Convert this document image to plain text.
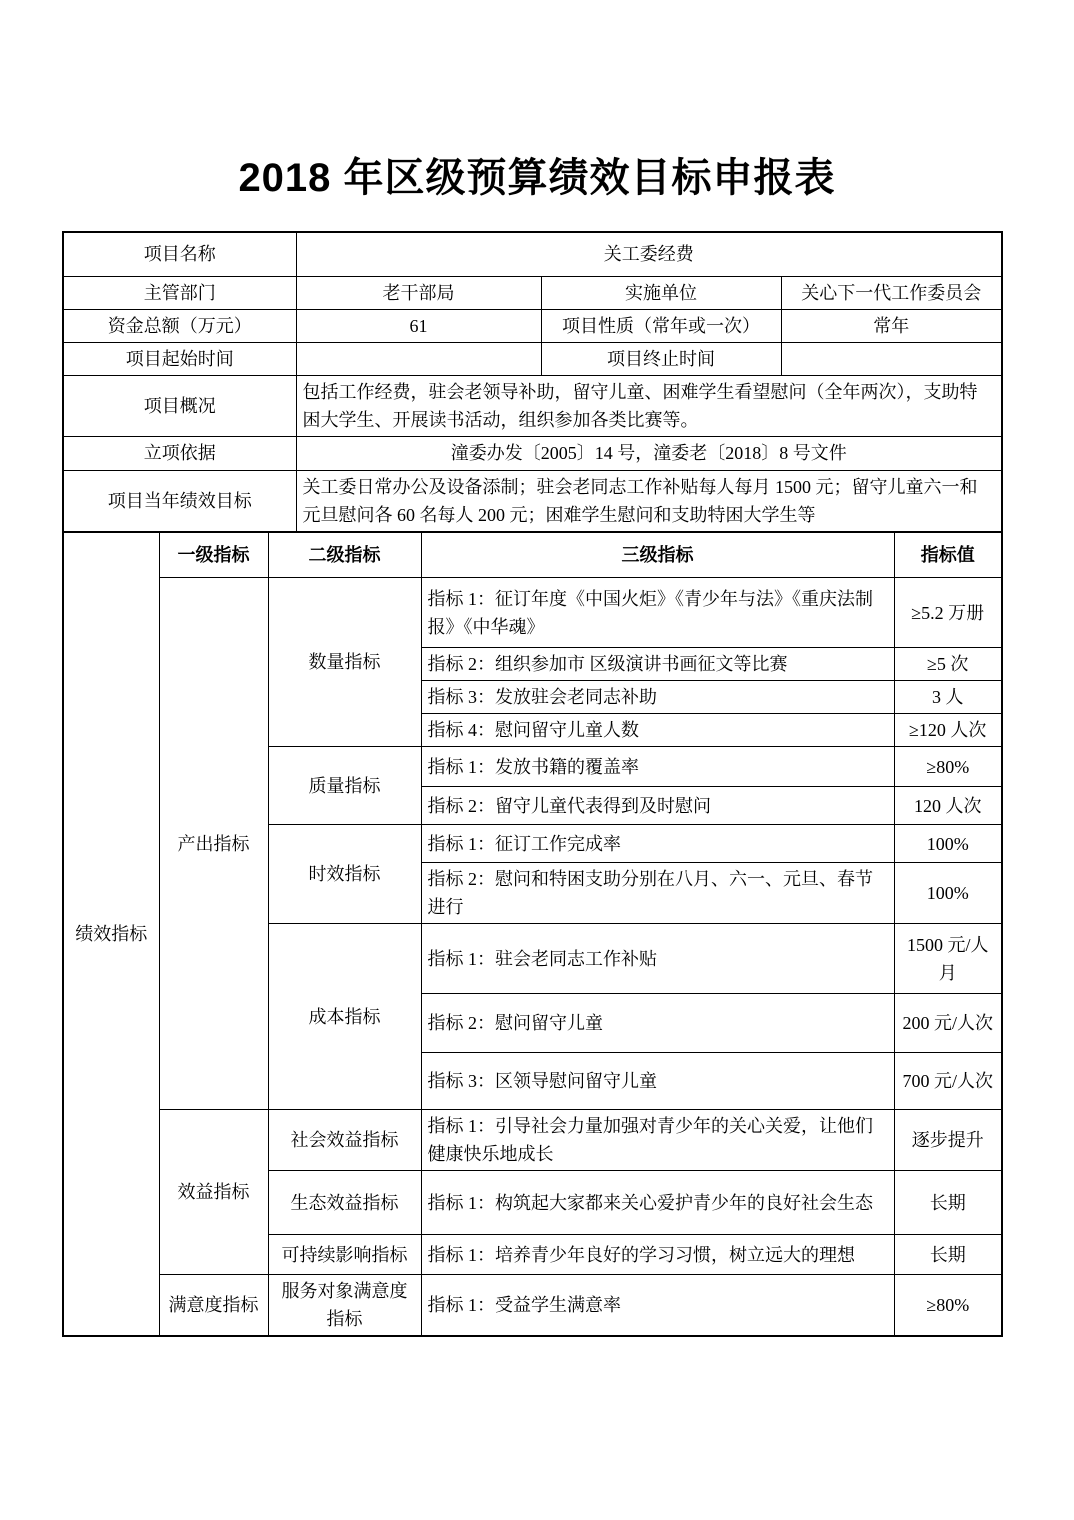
2018 年区级预算绩效目标申报表
项目名称	关工委经费		
主管部门	老干部局	实施单位	关心下一代工作委员会
资金总额（万元）	61	项目性质（常年或一次）	常年
项目起始时间		项目终止时间	
项目概况	包括工作经费，驻会老领导补助，留守儿童、困难学生看望慰问（全年两次），支助特困大学生、开展读书活动，组织参加各类比赛等。		
立项依据	潼委办发〔2005〕14 号，潼委老〔2018〕8 号文件		
项目当年绩效目标	关工委日常办公及设备添制；驻会老同志工作补贴每人每月 1500 元；留守儿童六一和元旦慰问各 60 名每人 200 元；困难学生慰问和支助特困大学生等		
绩效指标	一级指标	二级指标	三级指标	指标值
	产出指标	数量指标	指标 1：征订年度《中国火炬》《青少年与法》《重庆法制报》《中华魂》	≥5.2 万册
			指标 2：组织参加市 区级演讲书画征文等比赛	≥5 次
			指标 3：发放驻会老同志补助	3 人
			指标 4：慰问留守儿童人数	≥120 人次
		质量指标	指标 1：发放书籍的覆盖率	≥80%
			指标 2：留守儿童代表得到及时慰问	120 人次
		时效指标	指标 1：征订工作完成率	100%
			指标 2：慰问和特困支助分别在八月、六一、元旦、春节进行	100%
		成本指标	指标 1：驻会老同志工作补贴	1500 元/人月
			指标 2：慰问留守儿童	200 元/人次
			指标 3：区领导慰问留守儿童	700 元/人次
	效益指标	社会效益指标	指标 1：引导社会力量加强对青少年的关心关爱，让他们健康快乐地成长	逐步提升
		生态效益指标	指标 1：构筑起大家都来关心爱护青少年的良好社会生态	长期
		可持续影响指标	指标 1：培养青少年良好的学习习惯，树立远大的理想	长期
	满意度指标	服务对象满意度指标	指标 1：受益学生满意率	≥80%
